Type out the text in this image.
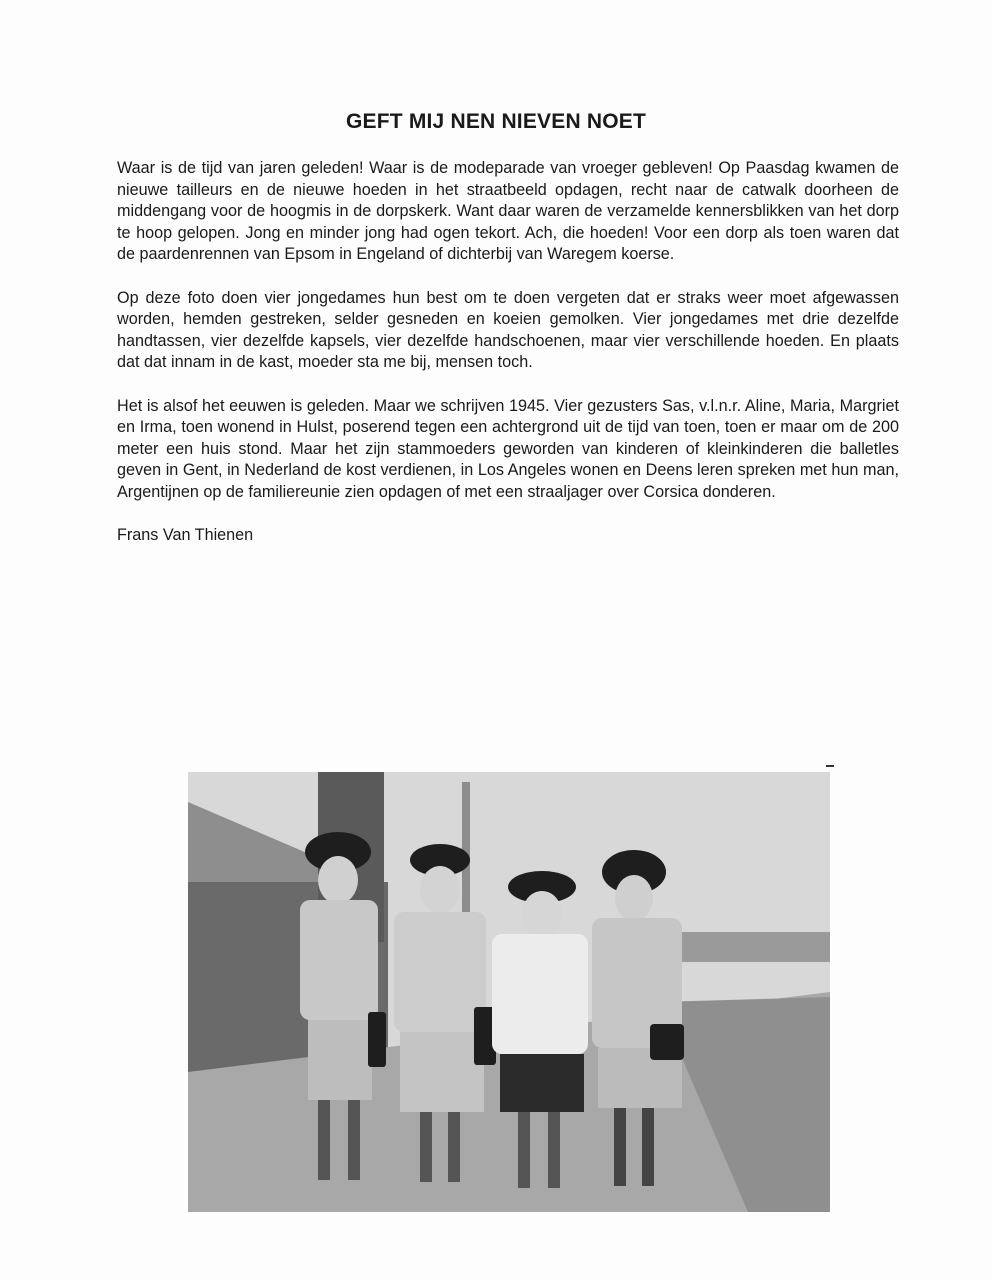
GEFT MIJ NEN NIEVEN NOET

Waar is de tijd van jaren geleden! Waar is de modeparade van vroeger gebleven! Op Paasdag kwamen de nieuwe tailleurs en de nieuwe hoeden in het straatbeeld opdagen, recht naar de catwalk doorheen de middengang voor de hoogmis in de dorpskerk. Want daar waren de verzamelde kennersblikken van het dorp te hoop gelopen. Jong en minder jong had ogen tekort. Ach, die hoeden! Voor een dorp als toen waren dat de paardenrennen van Epsom in Engeland of dichterbij van Waregem koerse.

Op deze foto doen vier jongedames hun best om te doen vergeten dat er straks weer moet afgewassen worden, hemden gestreken, selder gesneden en koeien gemolken. Vier jongedames met drie dezelfde handtassen, vier dezelfde kapsels, vier dezelfde handschoenen, maar vier verschillende hoeden. En plaats dat dat innam in de kast, moeder sta me bij, mensen toch.

Het is alsof het eeuwen is geleden. Maar we schrijven 1945. Vier gezusters Sas, v.l.n.r. Aline, Maria, Margriet en Irma, toen wonend in Hulst, poserend tegen een achtergrond uit de tijd van toen, toen er maar om de 200 meter een huis stond. Maar het zijn stammoeders geworden van kinderen of kleinkinderen die balletles geven in Gent, in Nederland de kost verdienen, in Los Angeles wonen en Deens leren spreken met hun man, Argentijnen op de familiereunie zien opdagen of met een straaljager over Corsica donderen.

Frans Van Thienen
